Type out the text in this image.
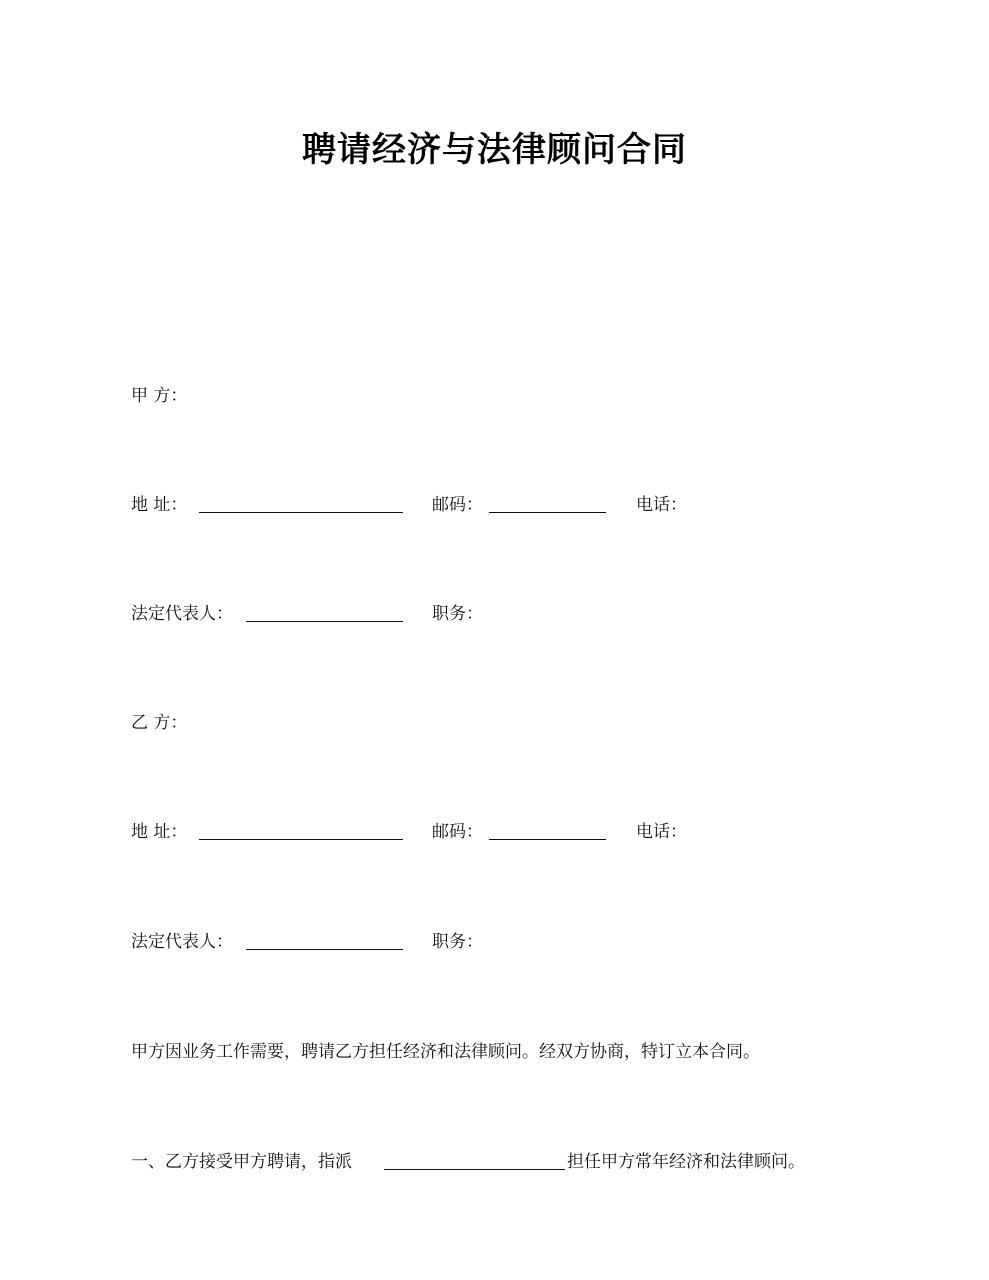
聘请经济与法律顾问合同
甲 方：
地 址：	邮码：	电话：
法定代表人：	职务：
乙 方：
地 址：	邮码：	电话：
法定代表人：	职务：
甲方因业务工作需要，聘请乙方担任经济和法律顾问。经双方协商，特订立本合同。
一、乙方接受甲方聘请，指派	担任甲方常年经济和法律顾问。
